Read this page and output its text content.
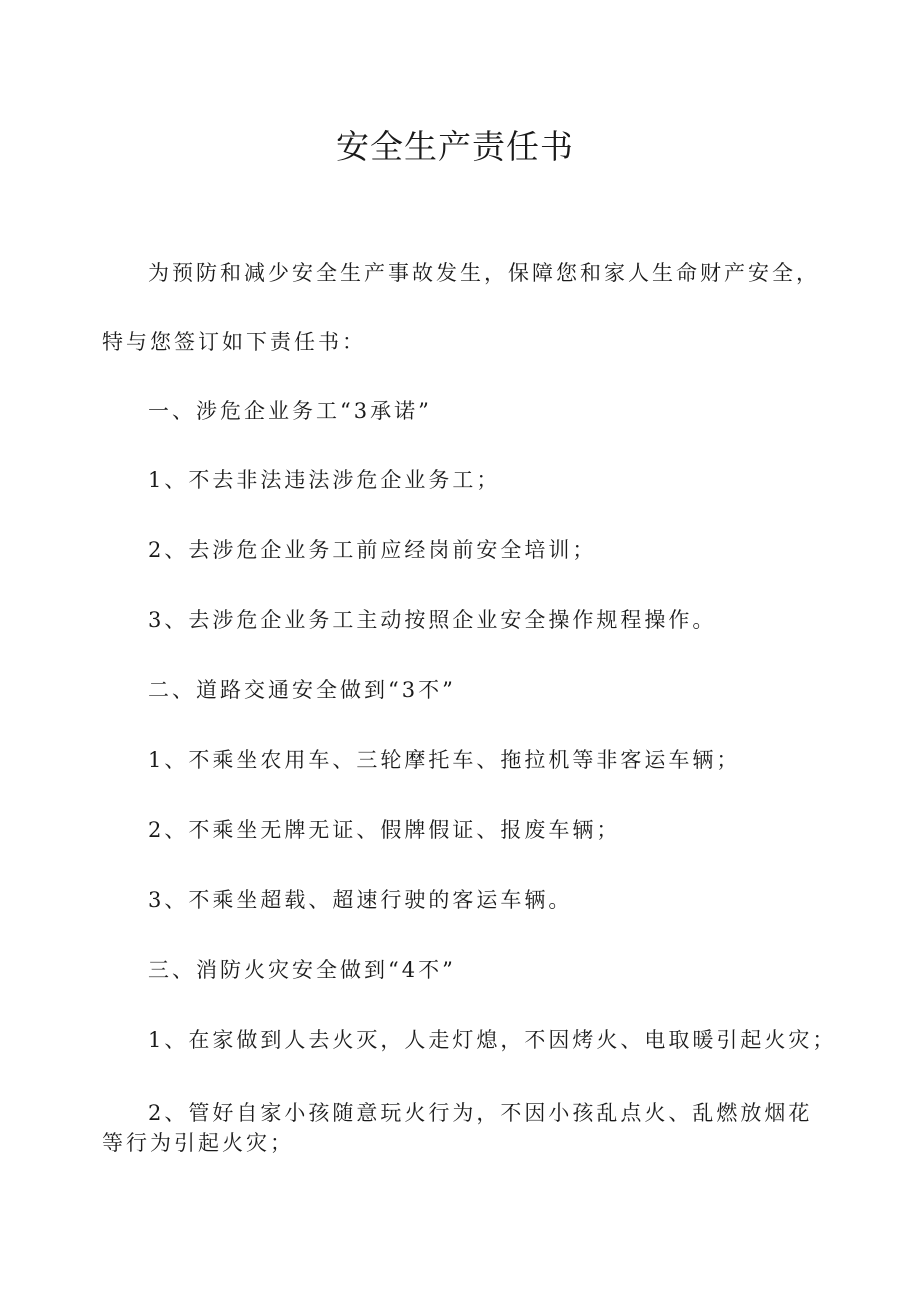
安全生产责任书
为预防和减少安全生产事故发生，保障您和家人生命财产安全，
特与您签订如下责任书：
一、涉危企业务工“3承诺”
1、不去非法违法涉危企业务工；
2、去涉危企业务工前应经岗前安全培训；
3、去涉危企业务工主动按照企业安全操作规程操作。
二、道路交通安全做到“3不”
1、不乘坐农用车、三轮摩托车、拖拉机等非客运车辆；
2、不乘坐无牌无证、假牌假证、报废车辆；
3、不乘坐超载、超速行驶的客运车辆。
三、消防火灾安全做到“4不”
1、在家做到人去火灭，人走灯熄，不因烤火、电取暖引起火灾；
2、管好自家小孩随意玩火行为，不因小孩乱点火、乱燃放烟花
等行为引起火灾；
